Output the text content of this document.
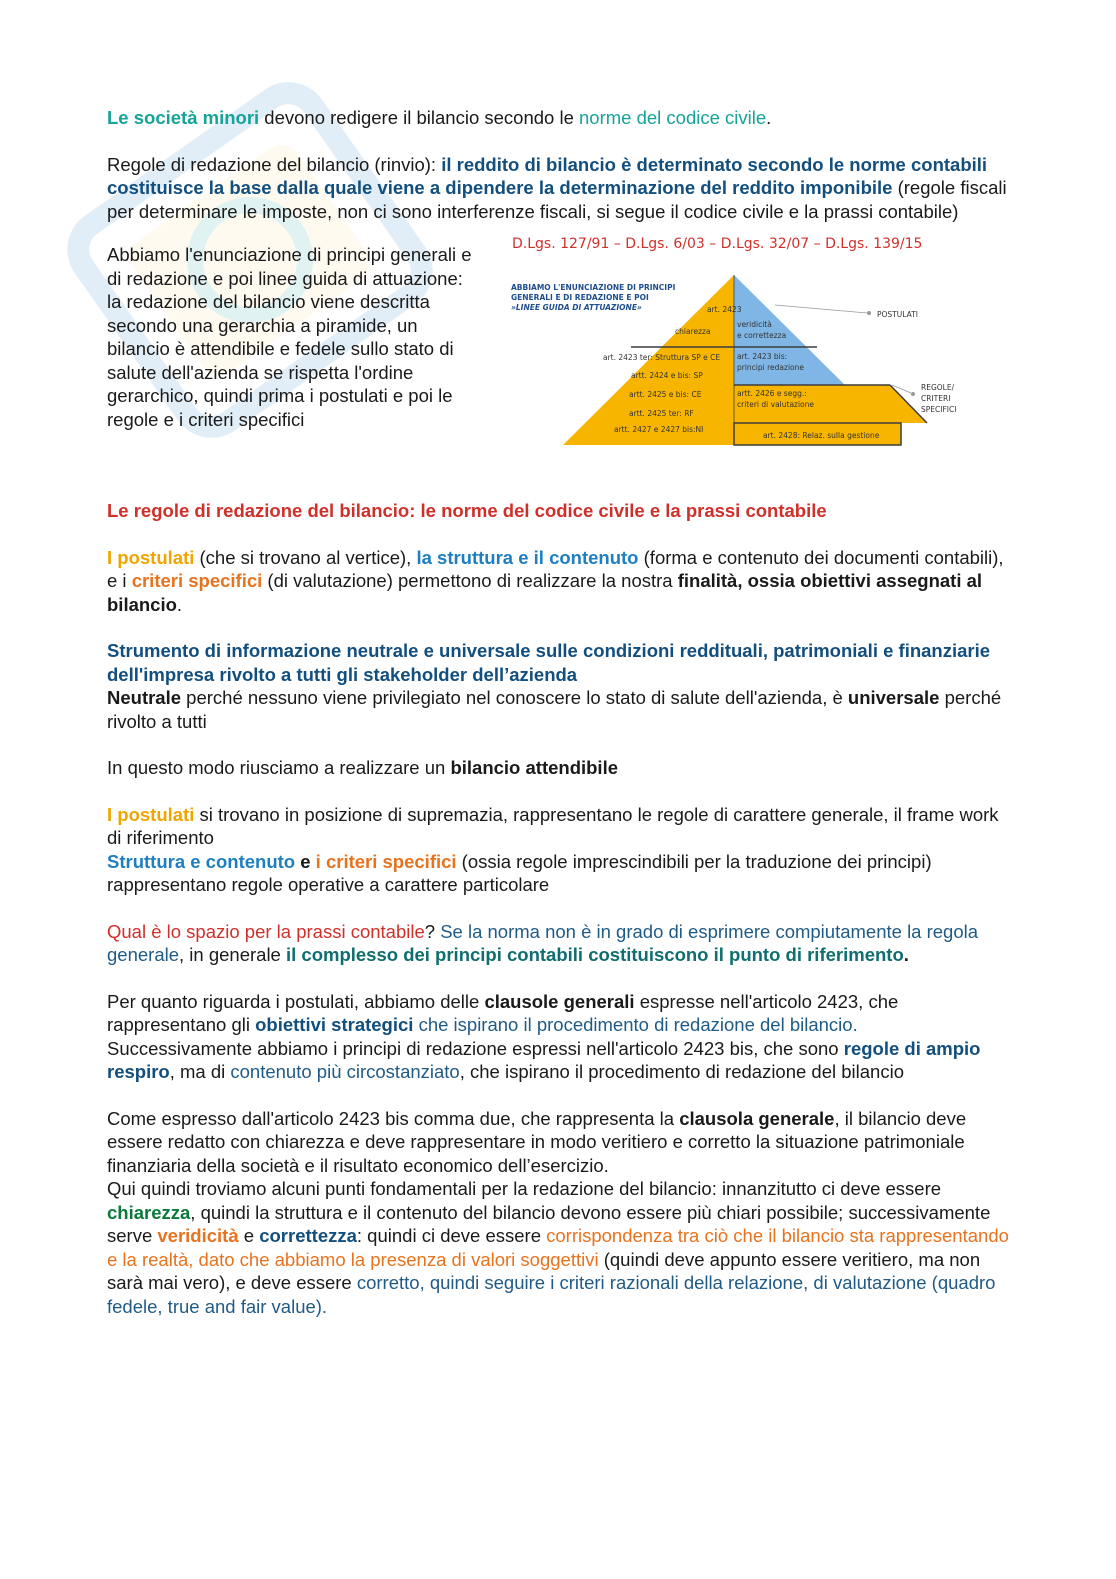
Le società minori devono redigere il bilancio secondo le norme del codice civile.

Regole di redazione del bilancio (rinvio): il reddito di bilancio è determinato secondo le norme contabili costituisce la base dalla quale viene a dipendere la determinazione del reddito imponibile (regole fiscali per determinare le imposte, non ci sono interferenze fiscali, si segue il codice civile e la prassi contabile)

Abbiamo l'enunciazione di principi generali e di redazione e poi linee guida di attuazione: la redazione del bilancio viene descritta secondo una gerarchia a piramide, un bilancio è attendibile e fedele sullo stato di salute dell'azienda se rispetta l'ordine gerarchico, quindi prima i postulati e poi le regole e i criteri specifici
D.Lgs. 127/91 – D.Lgs. 6/03 – D.Lgs. 32/07 – D.Lgs. 139/15
ABBIAMO L'ENUNCIAZIONE DI PRINCIPI
GENERALI E DI REDAZIONE E POI
»LINEE GUIDA DI ATTUAZIONE»	art. 2423
chiarezza
veridicità
e correttezza
art. 2423 ter: Struttura SP e CE art. 2423 bis:
principi redazione
artt. 2424 e bis: SP
artt. 2425 e bis: CE	artt. 2426 e segg.:
criteri di valutazione
artt. 2425 ter: RF
artt. 2427 e 2427 bis:NI
art. 2428: Relaz. sulla gestione
POSTULATI
REGOLE/
CRITERI
SPECIFICI

Le regole di redazione del bilancio: le norme del codice civile e la prassi contabile

I postulati (che si trovano al vertice), la struttura e il contenuto (forma e contenuto dei documenti contabili), e i criteri specifici (di valutazione) permettono di realizzare la nostra finalità, ossia obiettivi assegnati al bilancio.

Strumento di informazione neutrale e universale sulle condizioni reddituali, patrimoniali e finanziarie dell'impresa rivolto a tutti gli stakeholder dell’azienda
Neutrale perché nessuno viene privilegiato nel conoscere lo stato di salute dell'azienda, è universale perché rivolto a tutti

In questo modo riusciamo a realizzare un bilancio attendibile

I postulati si trovano in posizione di supremazia, rappresentano le regole di carattere generale, il frame work di riferimento
Struttura e contenuto e i criteri specifici (ossia regole imprescindibili per la traduzione dei principi) rappresentano regole operative a carattere particolare

Qual è lo spazio per la prassi contabile? Se la norma non è in grado di esprimere compiutamente la regola generale, in generale il complesso dei principi contabili costituiscono il punto di riferimento.

Per quanto riguarda i postulati, abbiamo delle clausole generali espresse nell'articolo 2423, che rappresentano gli obiettivi strategici che ispirano il procedimento di redazione del bilancio.
Successivamente abbiamo i principi di redazione espressi nell'articolo 2423 bis, che sono regole di ampio respiro, ma di contenuto più circostanziato, che ispirano il procedimento di redazione del bilancio

Come espresso dall'articolo 2423 bis comma due, che rappresenta la clausola generale, il bilancio deve essere redatto con chiarezza e deve rappresentare in modo veritiero e corretto la situazione patrimoniale finanziaria della società e il risultato economico dell’esercizio.
Qui quindi troviamo alcuni punti fondamentali per la redazione del bilancio: innanzitutto ci deve essere chiarezza, quindi la struttura e il contenuto del bilancio devono essere più chiari possibile; successivamente serve veridicità e correttezza: quindi ci deve essere corrispondenza tra ciò che il bilancio sta rappresentando e la realtà, dato che abbiamo la presenza di valori soggettivi (quindi deve appunto essere veritiero, ma non sarà mai vero), e deve essere corretto, quindi seguire i criteri razionali della relazione, di valutazione (quadro fedele, true and fair value).
